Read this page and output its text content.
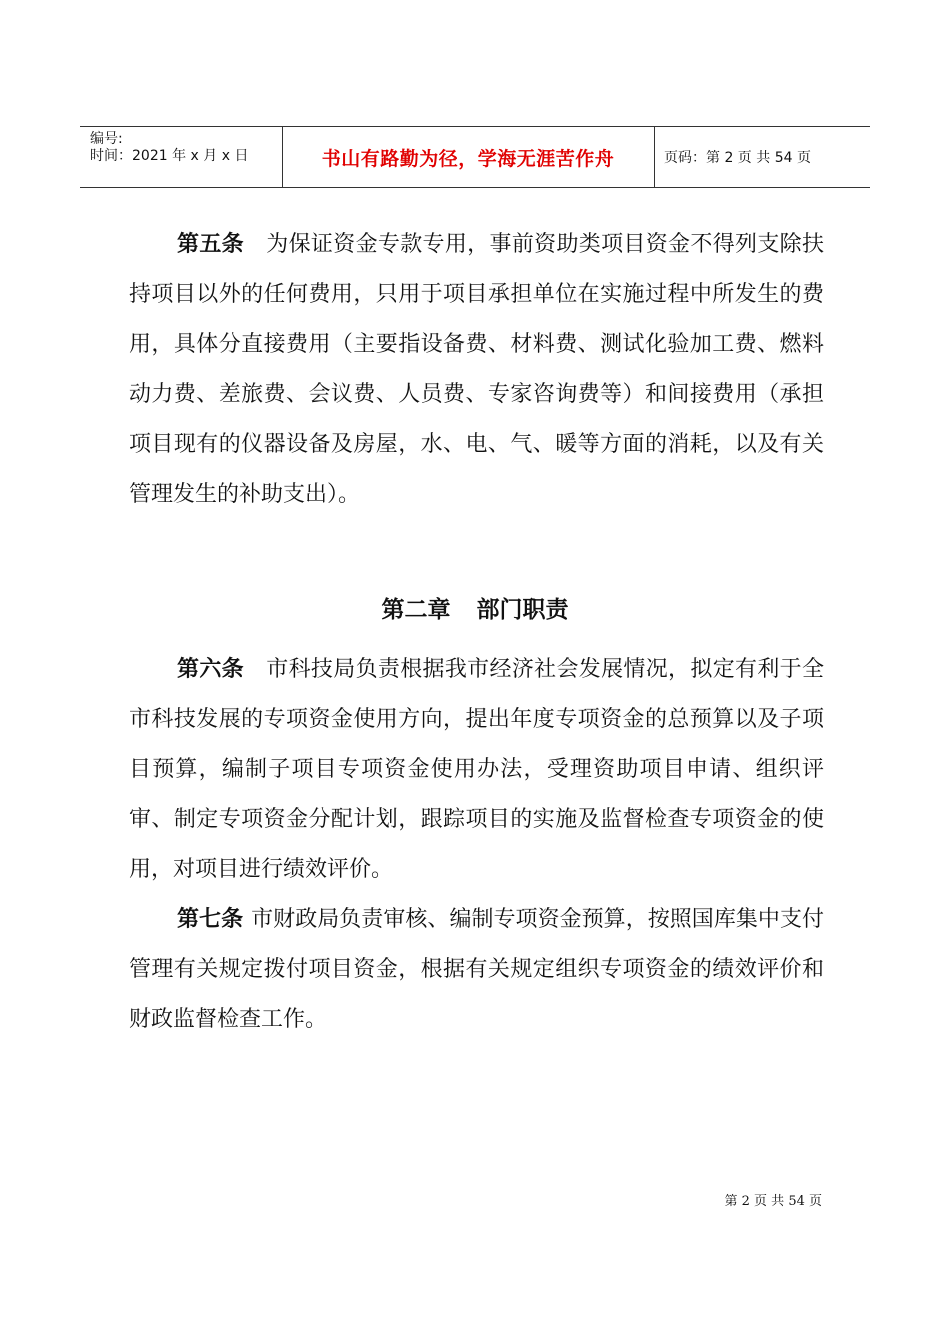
编号:
时间：2021 年 x 月 x 日	书山有路勤为径，学海无涯苦作舟	页码：第 2 页 共 54 页

第五条 为保证资金专款专用，事前资助类项目资金不得列支除扶持项目以外的任何费用，只用于项目承担单位在实施过程中所发生的费用，具体分直接费用（主要指设备费、材料费、测试化验加工费、燃料动力费、差旅费、会议费、人员费、专家咨询费等）和间接费用（承担项目现有的仪器设备及房屋，水、电、气、暖等方面的消耗，以及有关管理发生的补助支出）。

第二章 部门职责

第六条 市科技局负责根据我市经济社会发展情况，拟定有利于全市科技发展的专项资金使用方向，提出年度专项资金的总预算以及子项目预算，编制子项目专项资金使用办法，受理资助项目申请、组织评审、制定专项资金分配计划，跟踪项目的实施及监督检查专项资金的使用，对项目进行绩效评价。

第七条 市财政局负责审核、编制专项资金预算，按照国库集中支付管理有关规定拨付项目资金，根据有关规定组织专项资金的绩效评价和财政监督检查工作。

第 2 页 共 54 页
